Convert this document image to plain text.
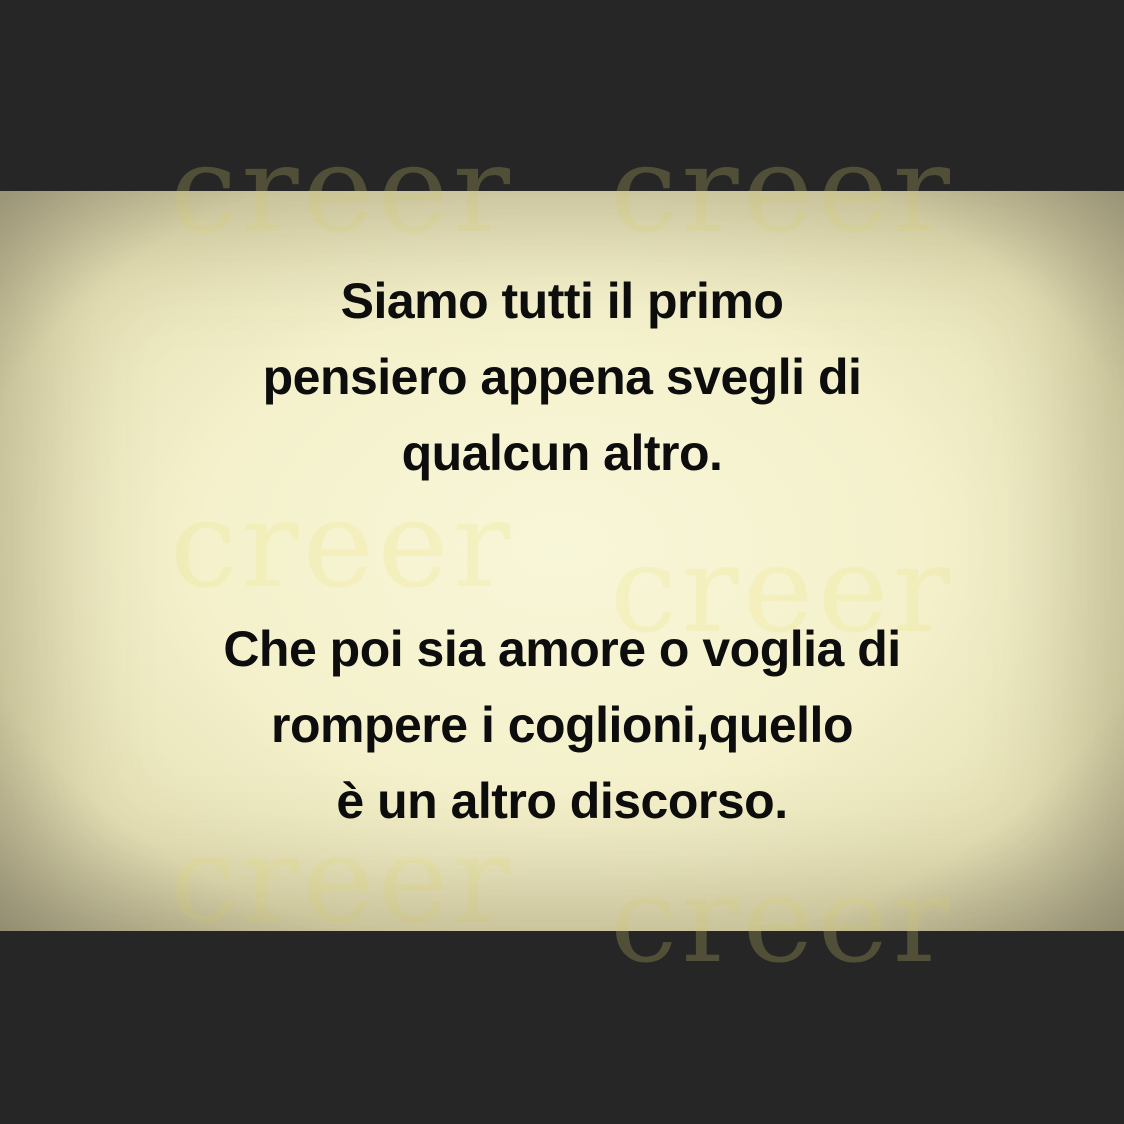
creer creer
creer creer
creer creer
Siamo tutti il primo
pensiero appena svegli di
qualcun altro.
Che poi sia amore o voglia di
rompere i coglioni,quello
è un altro discorso.
